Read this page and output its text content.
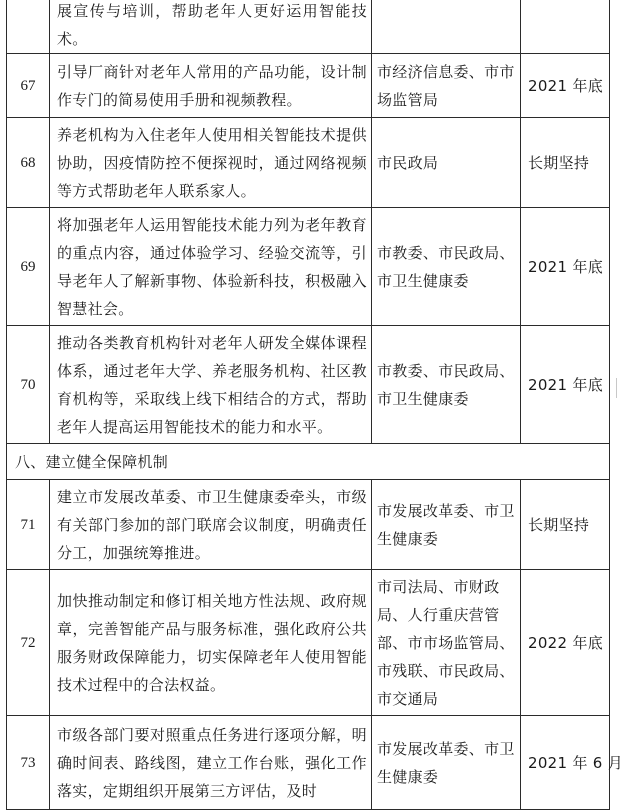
	展宣传与培训，帮助老年人更好运用智能技术。		
67	引导厂商针对老年人常用的产品功能，设计制作专门的简易使用手册和视频教程。	市经济信息委、市市场监管局	2021 年底
68	养老机构为入住老年人使用相关智能技术提供协助，因疫情防控不便探视时，通过网络视频等方式帮助老年人联系家人。	市民政局	长期坚持
69	将加强老年人运用智能技术能力列为老年教育的重点内容，通过体验学习、经验交流等，引导老年人了解新事物、体验新科技，积极融入智慧社会。	市教委、市民政局、市卫生健康委	2021 年底
70	推动各类教育机构针对老年人研发全媒体课程体系，通过老年大学、养老服务机构、社区教育机构等，采取线上线下相结合的方式，帮助老年人提高运用智能技术的能力和水平。	市教委、市民政局、市卫生健康委	2021 年底
八、建立健全保障机制			
71	建立市发展改革委、市卫生健康委牵头，市级有关部门参加的部门联席会议制度，明确责任分工，加强统筹推进。	市发展改革委、市卫生健康委	长期坚持
72	加快推动制定和修订相关地方性法规、政府规章，完善智能产品与服务标准，强化政府公共服务财政保障能力，切实保障老年人使用智能技术过程中的合法权益。	市司法局、市财政局、人行重庆营管部、市市场监管局、市残联、市民政局、市交通局	2022 年底
73	市级各部门要对照重点任务进行逐项分解，明确时间表、路线图，建立工作台账，强化工作落实，定期组织开展第三方评估，及时	市发展改革委、市卫生健康委	2021 年 6 月
